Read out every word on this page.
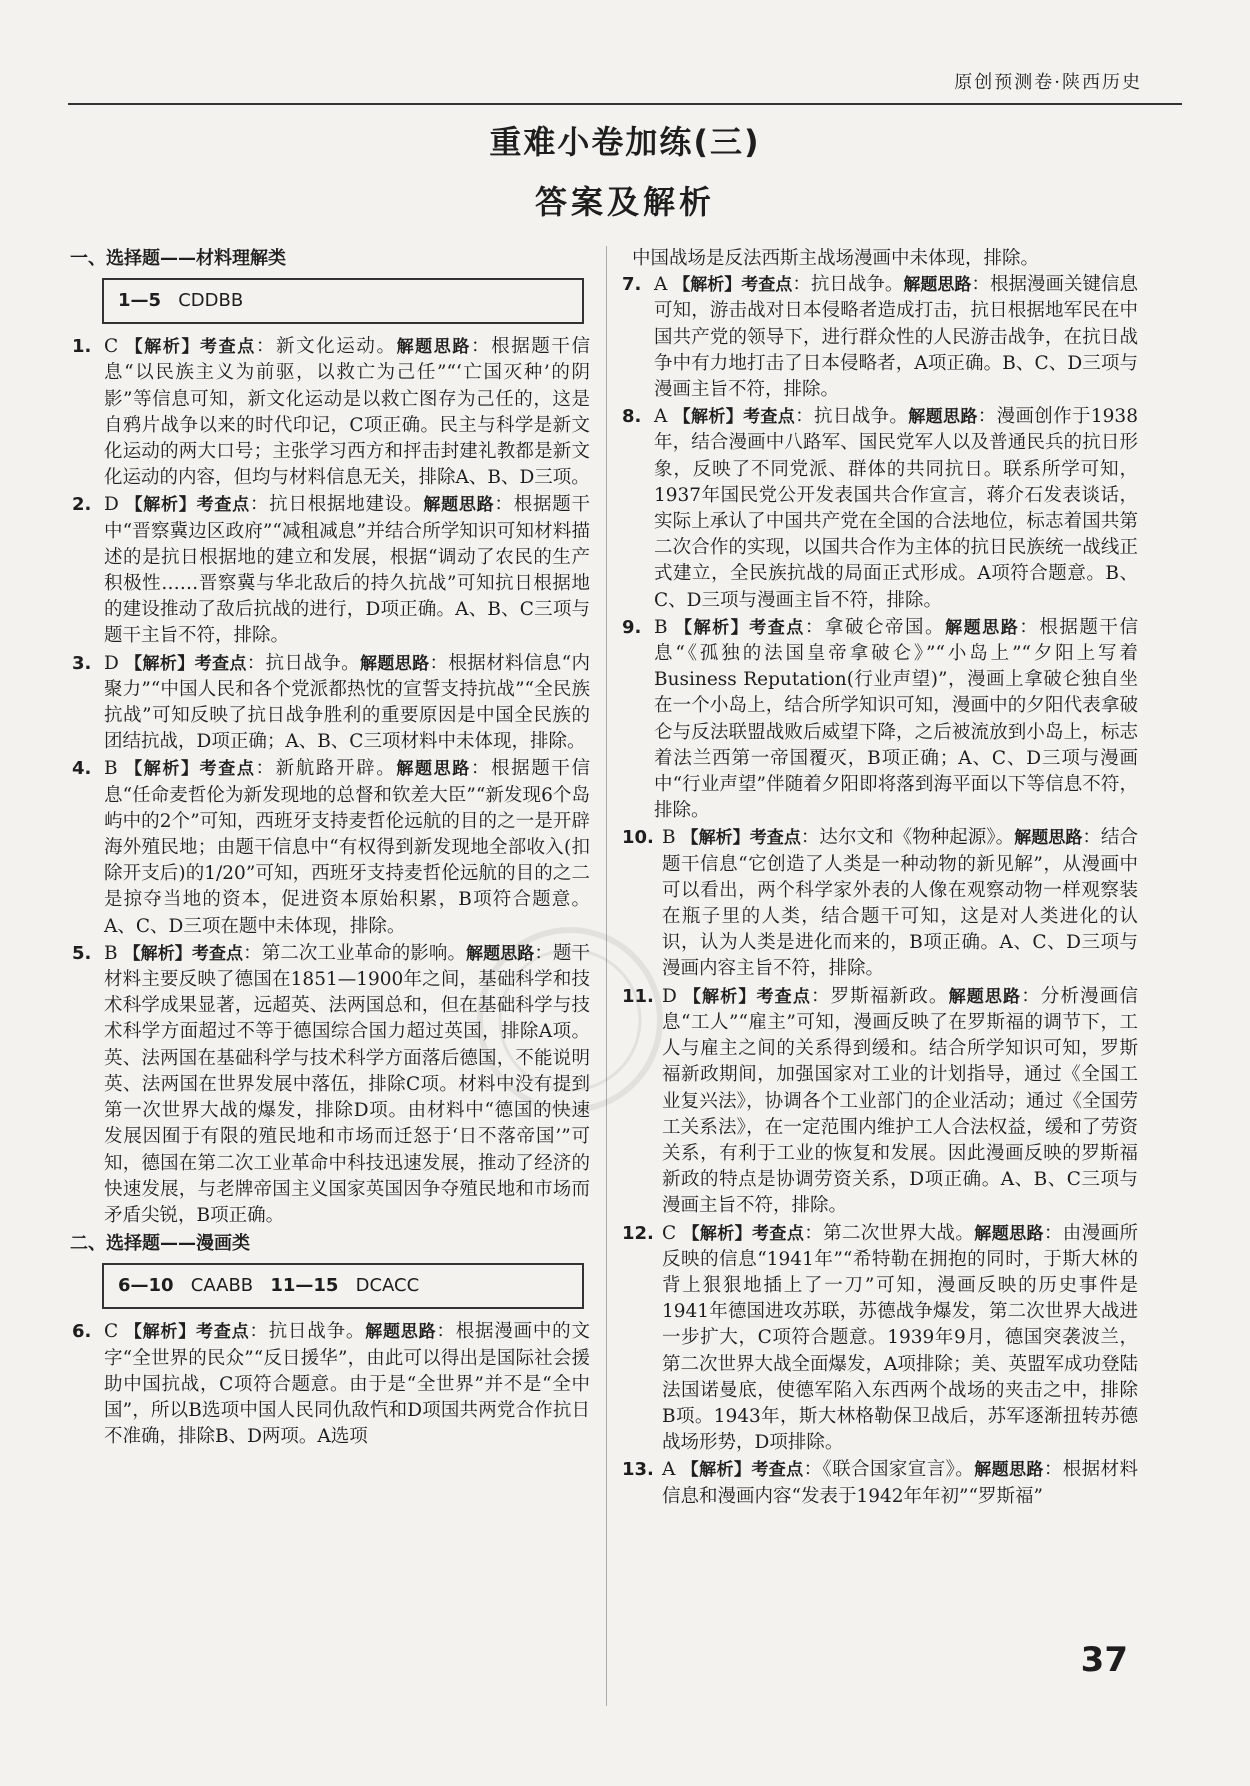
原创预测卷·陕西历史
重难小卷加练(三)
答案及解析
一、选择题——材料理解类
1—5 CDDBB
1. C 【解析】考查点：新文化运动。解题思路：根据题干信息“以民族主义为前驱，以救亡为己任”“‘亡国灭种’的阴影”等信息可知，新文化运动是以救亡图存为己任的，这是自鸦片战争以来的时代印记，C项正确。民主与科学是新文化运动的两大口号；主张学习西方和抨击封建礼教都是新文化运动的内容，但均与材料信息无关，排除A、B、D三项。
2. D 【解析】考查点：抗日根据地建设。解题思路：根据题干中“晋察冀边区政府”“减租减息”并结合所学知识可知材料描述的是抗日根据地的建立和发展，根据“调动了农民的生产积极性……晋察冀与华北敌后的持久抗战”可知抗日根据地的建设推动了敌后抗战的进行，D项正确。A、B、C三项与题干主旨不符，排除。
3. D 【解析】考查点：抗日战争。解题思路：根据材料信息“内聚力”“中国人民和各个党派都热忱的宣誓支持抗战”“全民族抗战”可知反映了抗日战争胜利的重要原因是中国全民族的团结抗战，D项正确；A、B、C三项材料中未体现，排除。
4. B 【解析】考查点：新航路开辟。解题思路：根据题干信息“任命麦哲伦为新发现地的总督和钦差大臣”“新发现6个岛屿中的2个”可知，西班牙支持麦哲伦远航的目的之一是开辟海外殖民地；由题干信息中“有权得到新发现地全部收入(扣除开支后)的1/20”可知，西班牙支持麦哲伦远航的目的之二是掠夺当地的资本，促进资本原始积累，B项符合题意。A、C、D三项在题中未体现，排除。
5. B 【解析】考查点：第二次工业革命的影响。解题思路：题干材料主要反映了德国在1851—1900年之间，基础科学和技术科学成果显著，远超英、法两国总和，但在基础科学与技术科学方面超过不等于德国综合国力超过英国，排除A项。英、法两国在基础科学与技术科学方面落后德国，不能说明英、法两国在世界发展中落伍，排除C项。材料中没有提到第一次世界大战的爆发，排除D项。由材料中“德国的快速发展因囿于有限的殖民地和市场而迁怒于‘日不落帝国’”可知，德国在第二次工业革命中科技迅速发展，推动了经济的快速发展，与老牌帝国主义国家英国因争夺殖民地和市场而矛盾尖锐，B项正确。
二、选择题——漫画类
6—10 CAABB 11—15 DCACC
6. C 【解析】考查点：抗日战争。解题思路：根据漫画中的文字“全世界的民众”“反日援华”，由此可以得出是国际社会援助中国抗战，C项符合题意。由于是“全世界”并不是“全中国”，所以B选项中国人民同仇敌忾和D项国共两党合作抗日不准确，排除B、D两项。A选项
中国战场是反法西斯主战场漫画中未体现，排除。
7. A 【解析】考查点：抗日战争。解题思路：根据漫画关键信息可知，游击战对日本侵略者造成打击，抗日根据地军民在中国共产党的领导下，进行群众性的人民游击战争，在抗日战争中有力地打击了日本侵略者，A项正确。B、C、D三项与漫画主旨不符，排除。
8. A 【解析】考查点：抗日战争。解题思路：漫画创作于1938年，结合漫画中八路军、国民党军人以及普通民兵的抗日形象，反映了不同党派、群体的共同抗日。联系所学可知，1937年国民党公开发表国共合作宣言，蒋介石发表谈话，实际上承认了中国共产党在全国的合法地位，标志着国共第二次合作的实现，以国共合作为主体的抗日民族统一战线正式建立，全民族抗战的局面正式形成。A项符合题意。B、C、D三项与漫画主旨不符，排除。
9. B 【解析】考查点：拿破仑帝国。解题思路：根据题干信息“《孤独的法国皇帝拿破仑》”“小岛上”“夕阳上写着Business Reputation(行业声望)”，漫画上拿破仑独自坐在一个小岛上，结合所学知识可知，漫画中的夕阳代表拿破仑与反法联盟战败后威望下降，之后被流放到小岛上，标志着法兰西第一帝国覆灭，B项正确；A、C、D三项与漫画中“行业声望”伴随着夕阳即将落到海平面以下等信息不符，排除。
10. B 【解析】考查点：达尔文和《物种起源》。解题思路：结合题干信息“它创造了人类是一种动物的新见解”，从漫画中可以看出，两个科学家外表的人像在观察动物一样观察装在瓶子里的人类，结合题干可知，这是对人类进化的认识，认为人类是进化而来的，B项正确。A、C、D三项与漫画内容主旨不符，排除。
11. D 【解析】考查点：罗斯福新政。解题思路：分析漫画信息“工人”“雇主”可知，漫画反映了在罗斯福的调节下，工人与雇主之间的关系得到缓和。结合所学知识可知，罗斯福新政期间，加强国家对工业的计划指导，通过《全国工业复兴法》，协调各个工业部门的企业活动；通过《全国劳工关系法》，在一定范围内维护工人合法权益，缓和了劳资关系，有利于工业的恢复和发展。因此漫画反映的罗斯福新政的特点是协调劳资关系，D项正确。A、B、C三项与漫画主旨不符，排除。
12. C 【解析】考查点：第二次世界大战。解题思路：由漫画所反映的信息“1941年”“希特勒在拥抱的同时，于斯大林的背上狠狠地插上了一刀”可知，漫画反映的历史事件是1941年德国进攻苏联，苏德战争爆发，第二次世界大战进一步扩大，C项符合题意。1939年9月，德国突袭波兰，第二次世界大战全面爆发，A项排除；美、英盟军成功登陆法国诺曼底，使德军陷入东西两个战场的夹击之中，排除B项。1943年，斯大林格勒保卫战后，苏军逐渐扭转苏德战场形势，D项排除。
13. A 【解析】考查点：《联合国家宣言》。解题思路：根据材料信息和漫画内容“发表于1942年年初”“罗斯福”
37
